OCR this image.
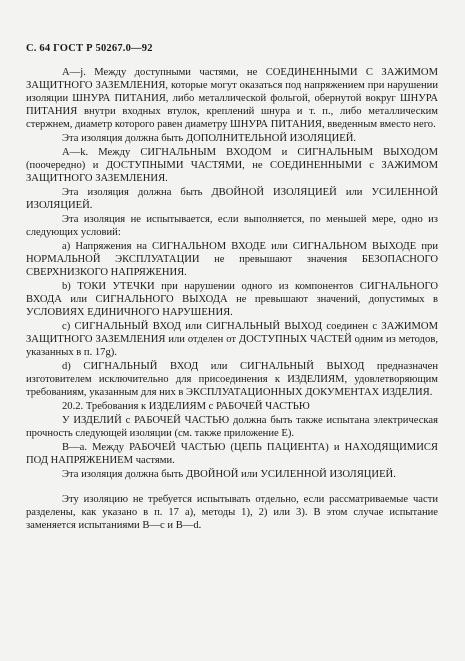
С. 64 ГОСТ Р 50267.0—92

A—j. Между доступными частями, не СОЕДИНЕННЫМИ С ЗАЖИМОМ ЗАЩИТНОГО ЗАЗЕМЛЕНИЯ, которые могут оказаться под напряжением при нарушении изоляции ШНУРА ПИТАНИЯ, либо металлической фольгой, обернутой вокруг ШНУРА ПИТАНИЯ внутри входных втулок, креплений шнура и т. п., либо металлическим стержнем, диаметр которого равен диаметру ШНУРА ПИТАНИЯ, введенным вместо него.

Эта изоляция должна быть ДОПОЛНИТЕЛЬНОЙ ИЗОЛЯЦИЕЙ.

A—k. Между СИГНАЛЬНЫМ ВХОДОМ и СИГНАЛЬНЫМ ВЫХОДОМ (поочередно) и ДОСТУПНЫМИ ЧАСТЯМИ, не СОЕДИНЕННЫМИ с ЗАЖИМОМ ЗАЩИТНОГО ЗАЗЕМЛЕНИЯ.

Эта изоляция должна быть ДВОЙНОЙ ИЗОЛЯЦИЕЙ или УСИЛЕННОЙ ИЗОЛЯЦИЕЙ.

Эта изоляция не испытывается, если выполняется, по меньшей мере, одно из следующих условий:

а) Напряжения на СИГНАЛЬНОМ ВХОДЕ или СИГНАЛЬНОМ ВЫХОДЕ при НОРМАЛЬНОЙ ЭКСПЛУАТАЦИИ не превышают значения БЕЗОПАСНОГО СВЕРХНИЗКОГО НАПРЯЖЕНИЯ.

b) ТОКИ УТЕЧКИ при нарушении одного из компонентов СИГНАЛЬНОГО ВХОДА или СИГНАЛЬНОГО ВЫХОДА не превышают значений, допустимых в УСЛОВИЯХ ЕДИНИЧНОГО НАРУШЕНИЯ.

с) СИГНАЛЬНЫЙ ВХОД или СИГНАЛЬНЫЙ ВЫХОД соединен с ЗАЖИМОМ ЗАЩИТНОГО ЗАЗЕМЛЕНИЯ или отделен от ДОСТУПНЫХ ЧАСТЕЙ одним из методов, указанных в п. 17g).

d) СИГНАЛЬНЫЙ ВХОД или СИГНАЛЬНЫЙ ВЫХОД предназначен изготовителем исключительно для присоединения к ИЗДЕЛИЯМ, удовлетворяющим требованиям, указанным для них в ЭКСПЛУАТАЦИОННЫХ ДОКУМЕНТАХ ИЗДЕЛИЯ.

20.2. Требования к ИЗДЕЛИЯМ с РАБОЧЕЙ ЧАСТЬЮ

У ИЗДЕЛИЙ с РАБОЧЕЙ ЧАСТЬЮ должна быть также испытана электрическая прочность следующей изоляции (см. также приложение Е).

B—a. Между РАБОЧЕЙ ЧАСТЬЮ (ЦЕПЬ ПАЦИЕНТА) и НАХОДЯЩИМИСЯ ПОД НАПРЯЖЕНИЕМ частями.

Эта изоляция должна быть ДВОЙНОЙ или УСИЛЕННОЙ ИЗОЛЯЦИЕЙ.

Эту изоляцию не требуется испытывать отдельно, если рассматриваемые части разделены, как указано в п. 17 а), методы 1), 2) или 3). В этом случае испытание заменяется испытаниями B—c и B—d.
